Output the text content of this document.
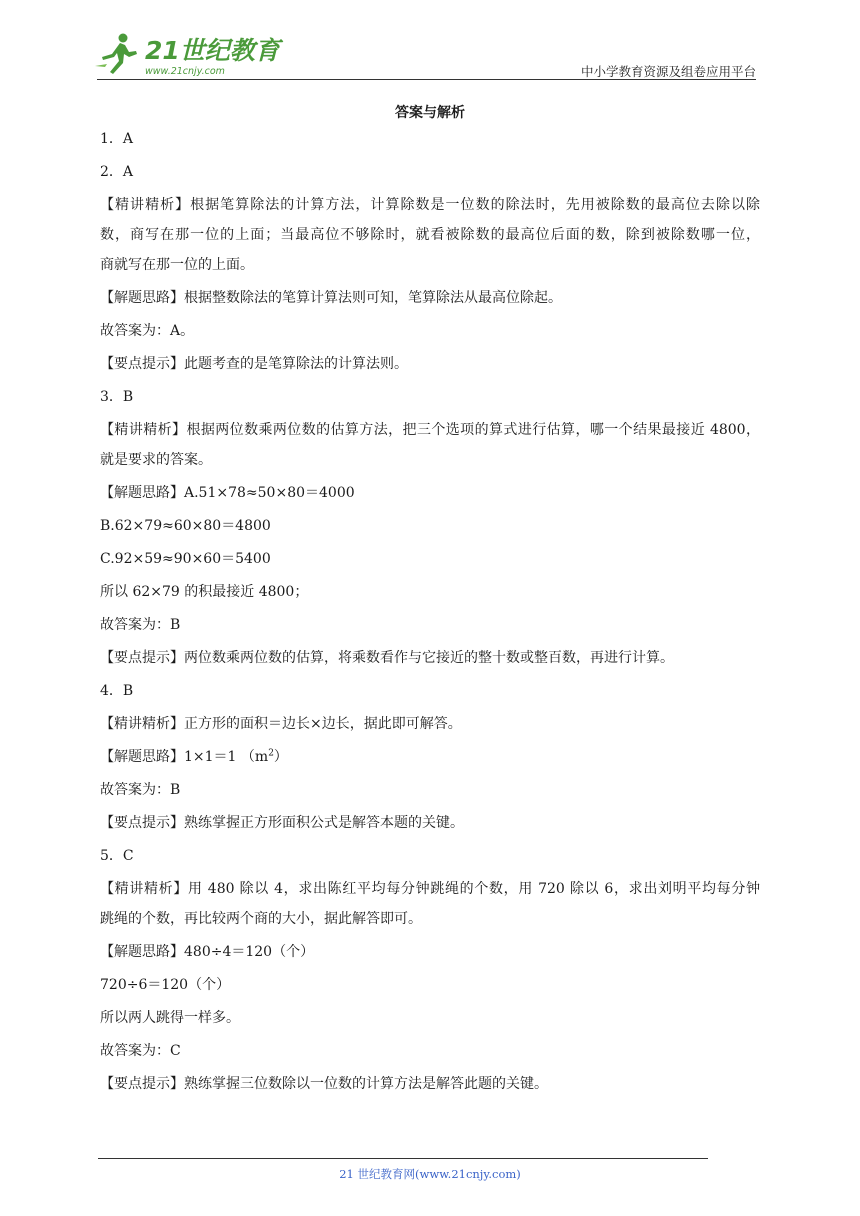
21世纪教育
www.21cnjy.com	中小学教育资源及组卷应用平台
答案与解析
1．A
2．A
【精讲精析】根据笔算除法的计算方法，计算除数是一位数的除法时，先用被除数的最高位去除以除
数，商写在那一位的上面；当最高位不够除时，就看被除数的最高位后面的数，除到被除数哪一位，
商就写在那一位的上面。
【解题思路】根据整数除法的笔算计算法则可知，笔算除法从最高位除起。
故答案为：A。
【要点提示】此题考查的是笔算除法的计算法则。
3．B
【精讲精析】根据两位数乘两位数的估算方法，把三个选项的算式进行估算，哪一个结果最接近 4800，
就是要求的答案。
【解题思路】A.51×78≈50×80＝4000
B.62×79≈60×80＝4800
C.92×59≈90×60＝5400
所以 62×79 的积最接近 4800；
故答案为：B
【要点提示】两位数乘两位数的估算，将乘数看作与它接近的整十数或整百数，再进行计算。
4．B
【精讲精析】正方形的面积＝边长×边长，据此即可解答。
【解题思路】1×1＝1 $(m^2)$
故答案为：B
【要点提示】熟练掌握正方形面积公式是解答本题的关键。
5．C
【精讲精析】用 480 除以 4，求出陈红平均每分钟跳绳的个数，用 720 除以 6，求出刘明平均每分钟
跳绳的个数，再比较两个商的大小，据此解答即可。
【解题思路】480÷4＝120（个）
720÷6＝120（个）
所以两人跳得一样多。
故答案为：C
【要点提示】熟练掌握三位数除以一位数的计算方法是解答此题的关键。
21 世纪教育网(www.21cnjy.com)
